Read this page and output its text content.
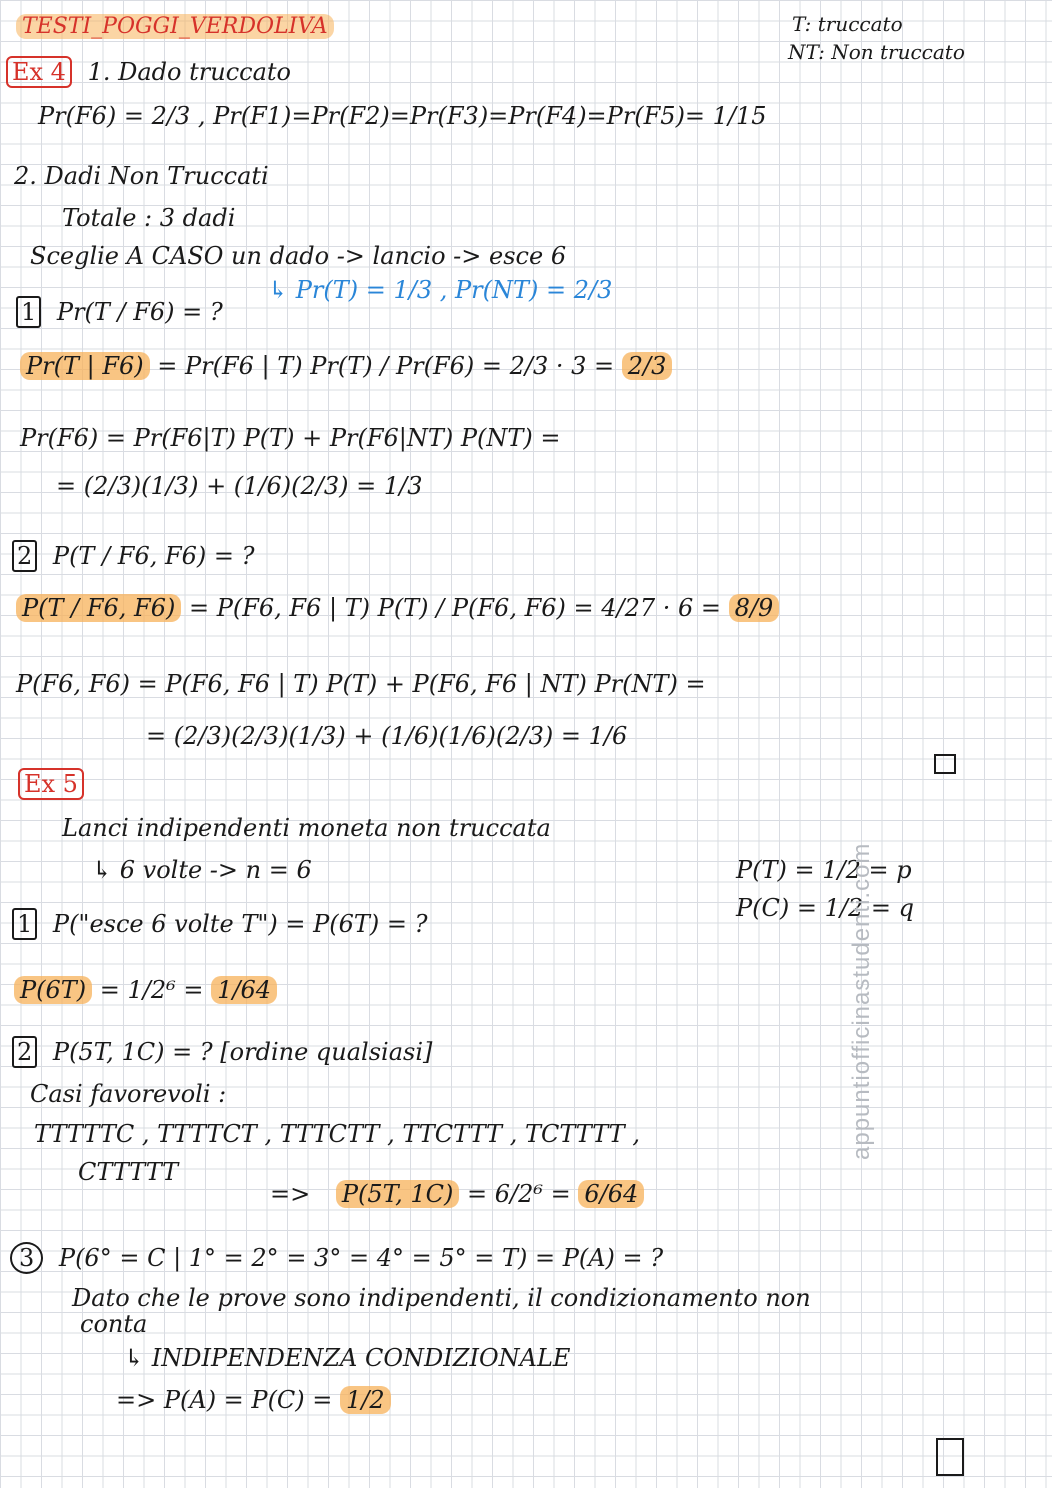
TESTI_POGGI_VERDOLIVA	T: truccato
NT: Non truccato
Ex 4 1. Dado truccato
Pr(F6) = 2/3 , Pr(F1)=Pr(F2)=Pr(F3)=Pr(F4)=Pr(F5)= 1/15
2. Dadi Non Truccati
Totale : 3 dadi
Sceglie A CASO un dado -> lancio -> esce 6
↳ Pr(T) = 1/3 , Pr(NT) = 2/3
1 Pr(T / F6) = ?
Pr(T | F6) = Pr(F6 | T) Pr(T) / Pr(F6) = 2/3 · 3 = 2/3
Pr(F6) = Pr(F6|T) P(T) + Pr(F6|NT) P(NT) =
= (2/3)(1/3) + (1/6)(2/3) = 1/3
2 P(T / F6, F6) = ?
P(T / F6, F6) = P(F6, F6 | T) P(T) / P(F6, F6) = 4/27 · 6 = 8/9
P(F6, F6) = P(F6, F6 | T) P(T) + P(F6, F6 | NT) Pr(NT) =
= (2/3)(2/3)(1/3) + (1/6)(1/6)(2/3) = 1/6
Ex 5
Lanci indipendenti moneta non truccata
↳ 6 volte -> n = 6	P(T) = 1/2 = p
P(C) = 1/2 = q
1 P("esce 6 volte T") = P(6T) = ?
P(6T) = 1/2⁶ = 1/64
2 P(5T, 1C) = ? [ordine qualsiasi]
Casi favorevoli :
TTTTTC , TTTTCT , TTTCTT , TTCTTT , TCTTTT ,
CTTTTT
=> P(5T, 1C) = 6/2⁶ = 6/64
3 P(6° = C | 1° = 2° = 3° = 4° = 5° = T) = P(A) = ?
Dato che le prove sono indipendenti, il condizionamento non
conta
↳ INDIPENDENZA CONDIZIONALE
=> P(A) = P(C) = 1/2
appuntiofficinastudenti.com
